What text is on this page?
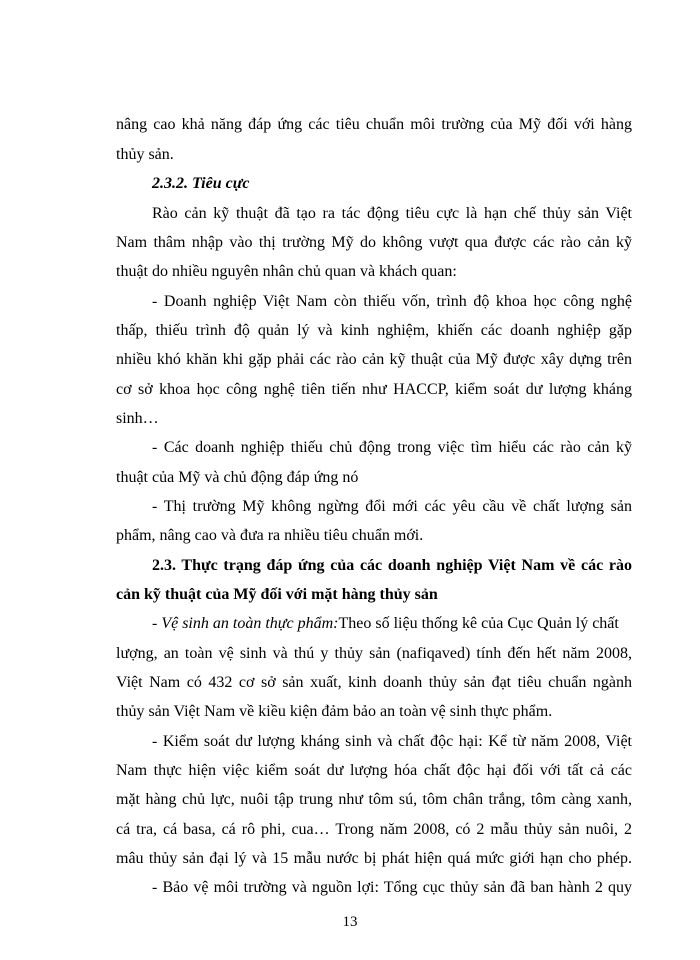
nâng cao khả năng đáp ứng các tiêu chuẩn môi trường của Mỹ đối với hàng
thủy sản.
2.3.2. Tiêu cực
Rào cản kỹ thuật đã tạo ra tác động tiêu cực là hạn chế thủy sản Việt
Nam thâm nhập vào thị trường Mỹ do không vượt qua được các rào cản kỹ
thuật do nhiều nguyên nhân chủ quan và khách quan:
- Doanh nghiệp Việt Nam còn thiếu vốn, trình độ khoa học công nghệ
thấp, thiếu trình độ quản lý và kinh nghiệm, khiến các doanh nghiệp gặp
nhiều khó khăn khi gặp phải các rào cản kỹ thuật của Mỹ được xây dựng trên
cơ sở khoa học công nghệ tiên tiến như HACCP, kiểm soát dư lượng kháng
sinh…
- Các doanh nghiệp thiếu chủ động trong việc tìm hiểu các rào cản kỹ
thuật của Mỹ và chủ động đáp ứng nó
- Thị trường Mỹ không ngừng đổi mới các yêu cầu về chất lượng sản
phẩm, nâng cao và đưa ra nhiều tiêu chuẩn mới.
2.3. Thực trạng đáp ứng của các doanh nghiệp Việt Nam về các rào
cản kỹ thuật của Mỹ đối với mặt hàng thủy sản
- Vệ sinh an toàn thực phẩm:Theo số liệu thống kê của Cục Quản lý chất
lượng, an toàn vệ sinh và thú y thủy sản (nafiqaved) tính đến hết năm 2008,
Việt Nam có 432 cơ sở sản xuất, kinh doanh thủy sản đạt tiêu chuẩn ngành
thủy sản Việt Nam về kiều kiện đảm bảo an toàn vệ sinh thực phẩm.
- Kiểm soát dư lượng kháng sinh và chất độc hại: Kể từ năm 2008, Việt
Nam thực hiện việc kiểm soát dư lượng hóa chất độc hại đối với tất cả các
mặt hàng chủ lực, nuôi tập trung như tôm sú, tôm chân trắng, tôm càng xanh,
cá tra, cá basa, cá rô phi, cua… Trong năm 2008, có 2 mẫu thủy sản nuôi, 2
mâu thủy sản đại lý và 15 mẫu nước bị phát hiện quá mức giới hạn cho phép.
- Bảo vệ môi trường và nguồn lợi: Tổng cục thủy sản đã ban hành 2 quy
13
